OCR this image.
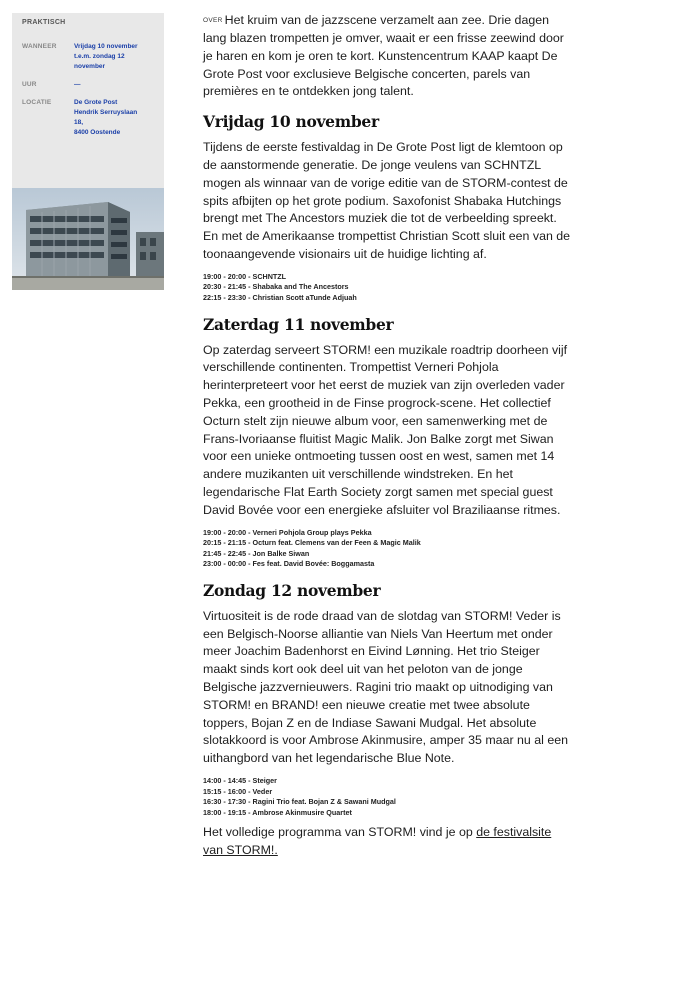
PRAKTISCH
WANNEER	Vrijdag 10 november
t.e.m. zondag 12
november
UUR	—
LOCATIE	De Grote Post
Hendrik Serruyslaan
18,
8400 Oostende

OVER Het kruim van de jazzscene verzamelt aan zee. Drie dagen lang blazen trompetten je omver, waait er een frisse zeewind door je haren en kom je oren te kort. Kunstencentrum KAAP kaapt De Grote Post voor exclusieve Belgische concerten, parels van premières en te ontdekken jong talent.

Vrijdag 10 november

Tijdens de eerste festivaldag in De Grote Post ligt de klemtoon op de aanstormende generatie. De jonge veulens van SCHNTZL mogen als winnaar van de vorige editie van de STORM-contest de spits afbijten op het grote podium. Saxofonist Shabaka Hutchings brengt met The Ancestors muziek die tot de verbeelding spreekt. En met de Amerikaanse trompettist Christian Scott sluit een van de toonaangevende visionairs uit de huidige lichting af.

19:00 - 20:00 - SCHNTZL
20:30 - 21:45 - Shabaka and The Ancestors
22:15 - 23:30 - Christian Scott aTunde Adjuah
Zaterdag 11 november

Op zaterdag serveert STORM! een muzikale roadtrip doorheen vijf verschillende continenten. Trompettist Verneri Pohjola herinterpreteert voor het eerst de muziek van zijn overleden vader Pekka, een grootheid in de Finse progrock-scene. Het collectief Octurn stelt zijn nieuwe album voor, een samenwerking met de Frans-Ivoriaanse fluitist Magic Malik. Jon Balke zorgt met Siwan voor een unieke ontmoeting tussen oost en west, samen met 14 andere muzikanten uit verschillende windstreken. En het legendarische Flat Earth Society zorgt samen met special guest David Bovée voor een energieke afsluiter vol Braziliaanse ritmes.

19:00 - 20:00 - Verneri Pohjola Group plays Pekka
20:15 - 21:15 - Octurn feat. Clemens van der Feen & Magic Malik
21:45 - 22:45 - Jon Balke Siwan
23:00 - 00:00 - Fes feat. David Bovée: Boggamasta
Zondag 12 november

Virtuositeit is de rode draad van de slotdag van STORM! Veder is een Belgisch-Noorse alliantie van Niels Van Heertum met onder meer Joachim Badenhorst en Eivind Lønning. Het trio Steiger maakt sinds kort ook deel uit van het peloton van de jonge Belgische jazzvernieuwers. Ragini trio maakt op uitnodiging van STORM! en BRAND! een nieuwe creatie met twee absolute toppers, Bojan Z en de Indiase Sawani Mudgal. Het absolute slotakkoord is voor Ambrose Akinmusire, amper 35 maar nu al een uithangbord van het legendarische Blue Note.

14:00 - 14:45 - Steiger
15:15 - 16:00 - Veder
16:30 - 17:30 - Ragini Trio feat. Bojan Z & Sawani Mudgal
18:00 - 19:15 - Ambrose Akinmusire Quartet

Het volledige programma van STORM! vind je op de festivalsite van STORM!.
